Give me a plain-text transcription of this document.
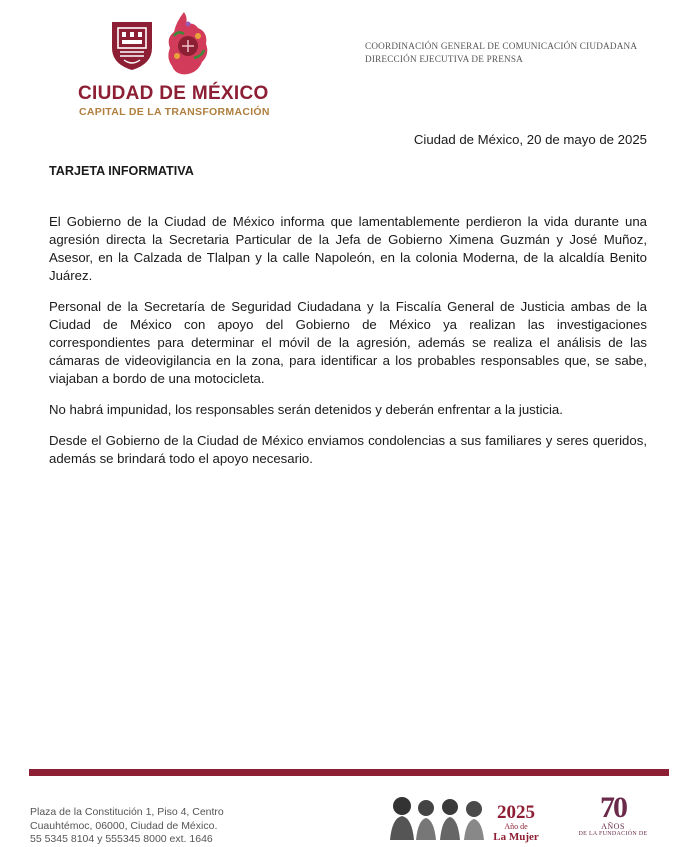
CIUDAD DE MÉXICO
CAPITAL DE LA TRANSFORMACIÓN
COORDINACIÓN GENERAL DE COMUNICACIÓN CIUDADANA
DIRECCIÓN EJECUTIVA DE PRENSA
Ciudad de México, 20 de mayo de 2025
TARJETA INFORMATIVA

El Gobierno de la Ciudad de México informa que lamentablemente perdieron la vida durante una agresión directa la Secretaria Particular de la Jefa de Gobierno Ximena Guzmán y José Muñoz, Asesor, en la Calzada de Tlalpan y la calle Napoleón, en la colonia Moderna, de la alcaldía Benito Juárez.

Personal de la Secretaría de Seguridad Ciudadana y la Fiscalía General de Justicia ambas de la Ciudad de México con apoyo del Gobierno de México ya realizan las investigaciones correspondientes para determinar el móvil de la agresión, además se realiza el análisis de las cámaras de videovigilancia en la zona, para identificar a los probables responsables que, se sabe, viajaban a bordo de una motocicleta.

No habrá impunidad, los responsables serán detenidos y deberán enfrentar a la justicia.

Desde el Gobierno de la Ciudad de México enviamos condolencias a sus familiares y seres queridos, además se brindará todo el apoyo necesario.

Plaza de la Constitución 1, Piso 4, Centro
Cuauhtémoc, 06000, Ciudad de México.
55 5345 8104 y 555345 8000 ext. 1646
2025
Año de
La Mujer
70
AÑOS
DE LA FUNDACIÓN DE
